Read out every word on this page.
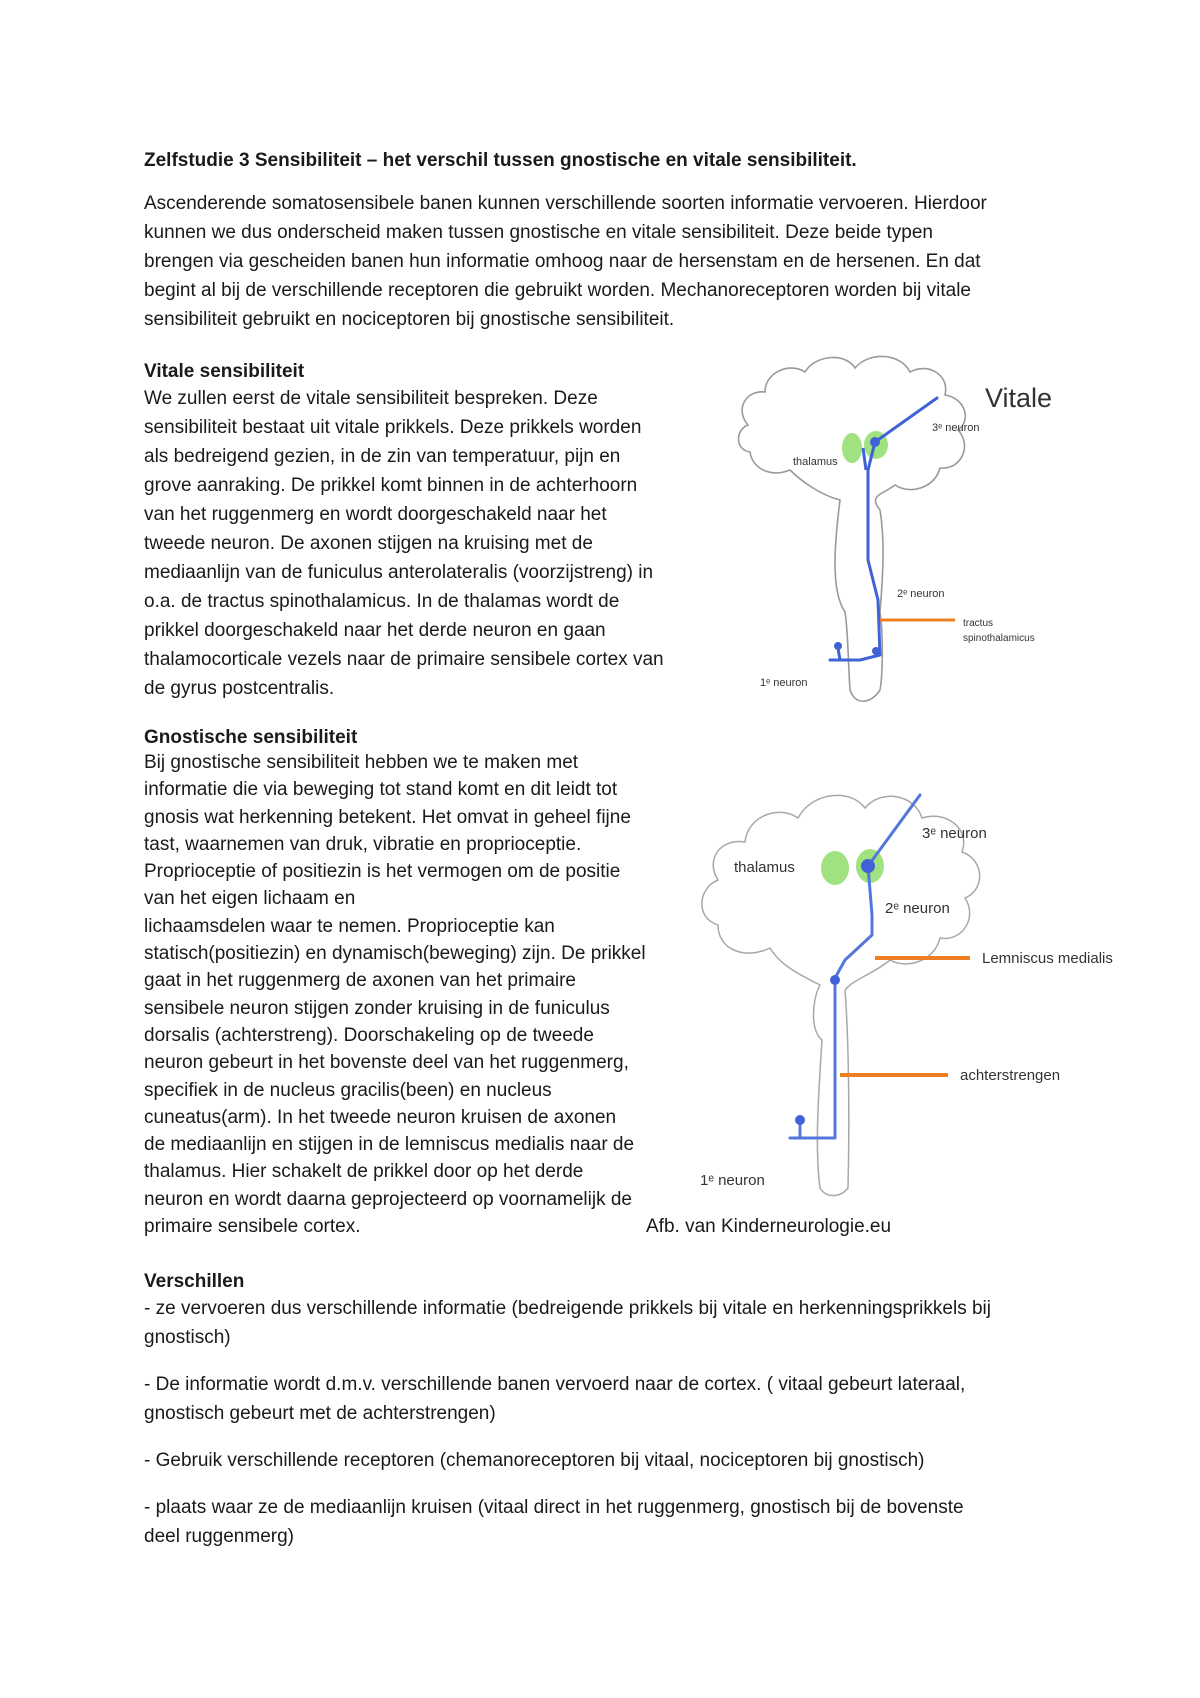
Zelfstudie 3 Sensibiliteit – het verschil tussen gnostische en vitale sensibiliteit.
Ascenderende somatosensibele banen kunnen verschillende soorten informatie vervoeren. Hierdoor
kunnen we dus onderscheid maken tussen gnostische en vitale sensibiliteit. Deze beide typen
brengen via gescheiden banen hun informatie omhoog naar de hersenstam en de hersenen. En dat
begint al bij de verschillende receptoren die gebruikt worden. Mechanoreceptoren worden bij vitale
sensibiliteit gebruikt en nociceptoren bij gnostische sensibiliteit.
Vitale sensibiliteit
We zullen eerst de vitale sensibiliteit bespreken. Deze
sensibiliteit bestaat uit vitale prikkels. Deze prikkels worden
als bedreigend gezien, in de zin van temperatuur, pijn en
grove aanraking. De prikkel komt binnen in de achterhoorn
van het ruggenmerg en wordt doorgeschakeld naar het
tweede neuron. De axonen stijgen na kruising met de
mediaanlijn van de funiculus anterolateralis (voorzijstreng) in
o.a. de tractus spinothalamicus. In de thalamas wordt de
prikkel doorgeschakeld naar het derde neuron en gaan
thalamocorticale vezels naar de primaire sensibele cortex van
de gyrus postcentralis.
Vitale
3ᵉ neuron
thalamus
2ᵉ neuron
tractus
spinothalamicus
1ᵉ neuron
Gnostische sensibiliteit
Bij gnostische sensibiliteit hebben we te maken met
informatie die via beweging tot stand komt en dit leidt tot
gnosis wat herkenning betekent. Het omvat in geheel fijne
tast, waarnemen van druk, vibratie en proprioceptie.
Proprioceptie of positiezin is het vermogen om de positie
van het eigen lichaam en
lichaamsdelen waar te nemen. Proprioceptie kan
statisch(positiezin) en dynamisch(beweging) zijn. De prikkel
gaat in het ruggenmerg de axonen van het primaire
sensibele neuron stijgen zonder kruising in de funiculus
dorsalis (achterstreng). Doorschakeling op de tweede
neuron gebeurt in het bovenste deel van het ruggenmerg,
specifiek in de nucleus gracilis(been) en nucleus
cuneatus(arm). In het tweede neuron kruisen de axonen
de mediaanlijn en stijgen in de lemniscus medialis naar de
thalamus. Hier schakelt de prikkel door op het derde
neuron en wordt daarna geprojecteerd op voornamelijk de
primaire sensibele cortex.
3ᵉ neuron
thalamus
2ᵉ neuron
Lemniscus medialis
achterstrengen
1ᵉ neuron
Afb. van Kinderneurologie.eu
Verschillen
- ze vervoeren dus verschillende informatie (bedreigende prikkels bij vitale en herkenningsprikkels bij
gnostisch)
- De informatie wordt d.m.v. verschillende banen vervoerd naar de cortex. ( vitaal gebeurt lateraal,
gnostisch gebeurt met de achterstrengen)
- Gebruik verschillende receptoren (chemanoreceptoren bij vitaal, nociceptoren bij gnostisch)
- plaats waar ze de mediaanlijn kruisen (vitaal direct in het ruggenmerg, gnostisch bij de bovenste
deel ruggenmerg)
